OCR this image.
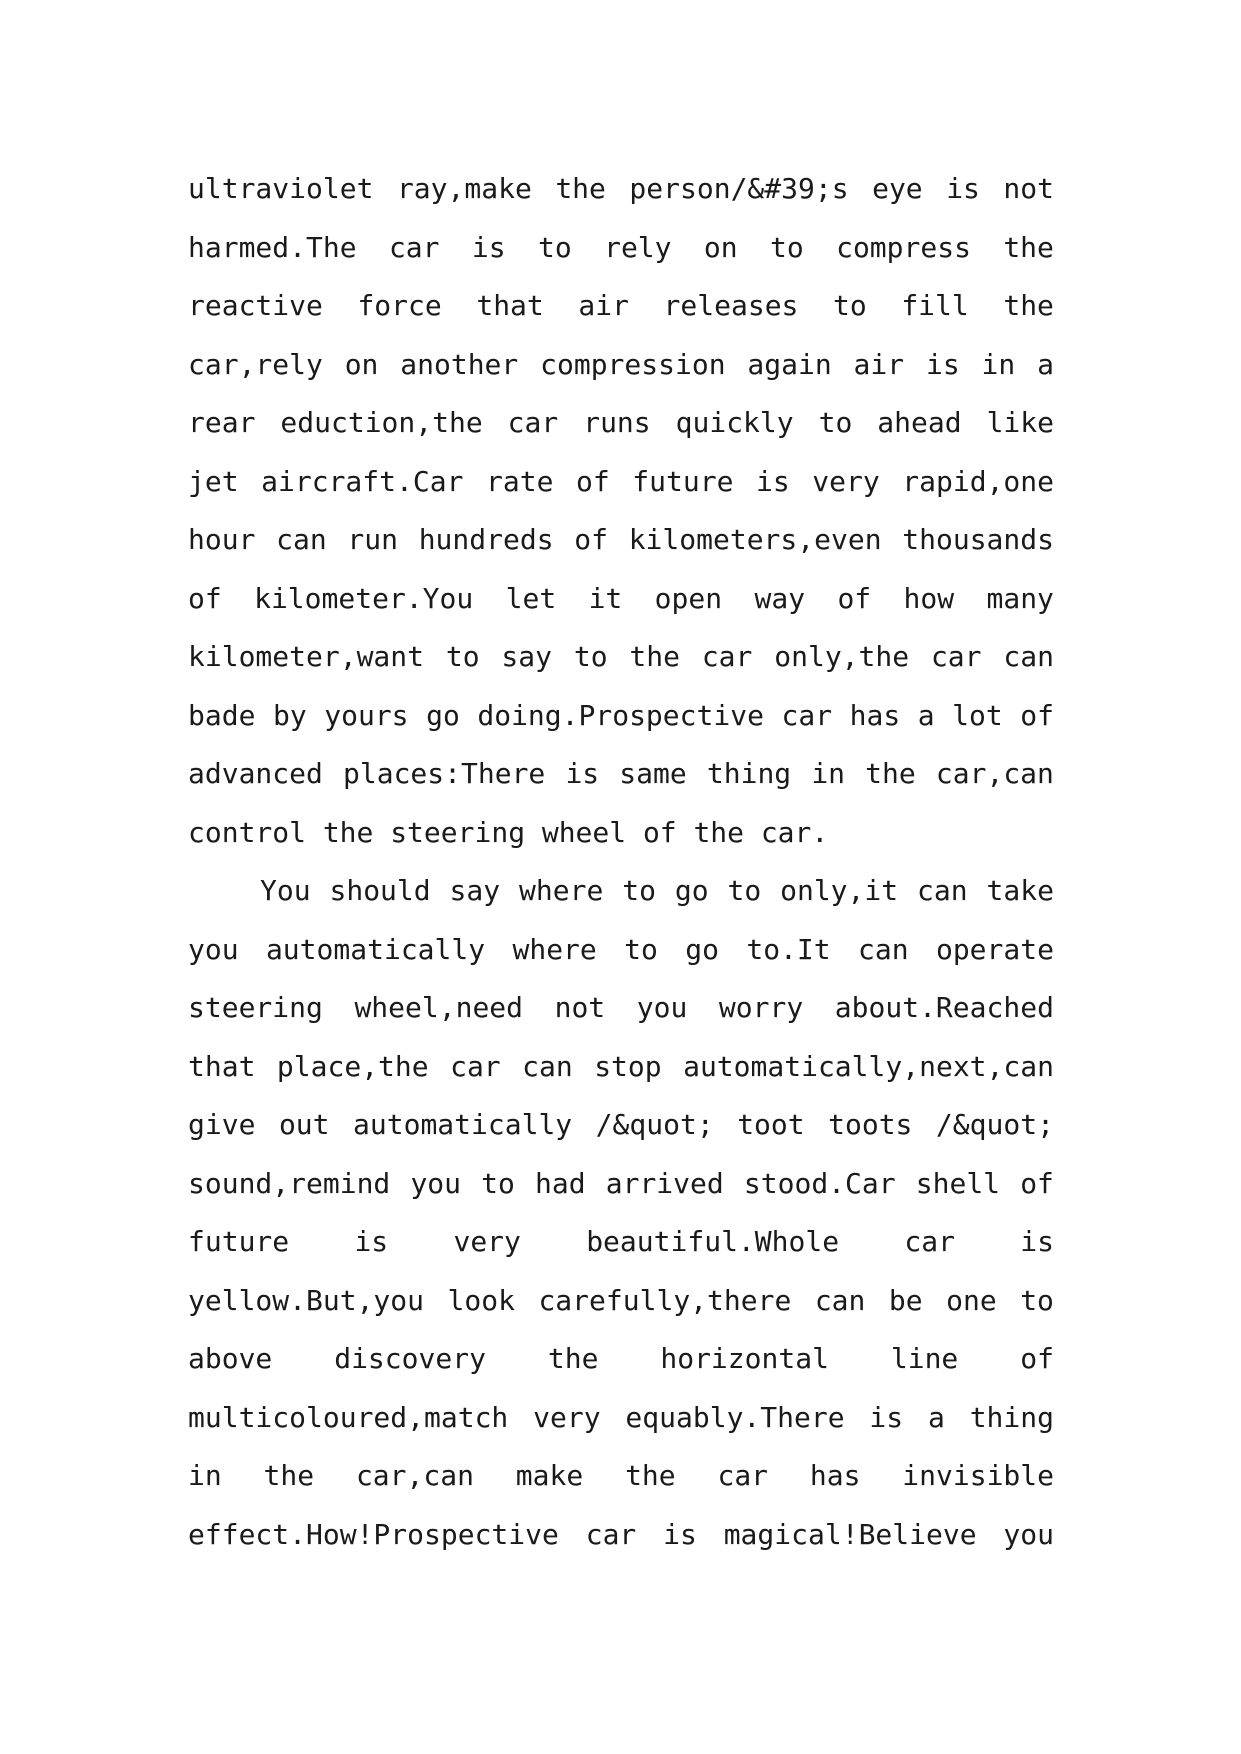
ultraviolet ray,make the person/&#39;s eye is not
harmed.The car is to rely on to compress the
reactive force that air releases to fill the
car,rely on another compression again air is in a
rear eduction,the car runs quickly to ahead like
jet aircraft.Car rate of future is very rapid,one
hour can run hundreds of kilometers,even thousands
of kilometer.You let it open way of how many
kilometer,want to say to the car only,the car can
bade by yours go doing.Prospective car has a lot of
advanced places:There is same thing in the car,can
control the steering wheel of the car.
You should say where to go to only,it can take
you automatically where to go to.It can operate
steering wheel,need not you worry about.Reached
that place,the car can stop automatically,next,can
give out automatically /&quot; toot toots /&quot;
sound,remind you to had arrived stood.Car shell of
future is very beautiful.Whole car is
yellow.But,you look carefully,there can be one to
above discovery the horizontal line of
multicoloured,match very equably.There is a thing
in the car,can make the car has invisible
effect.How!Prospective car is magical!Believe you
